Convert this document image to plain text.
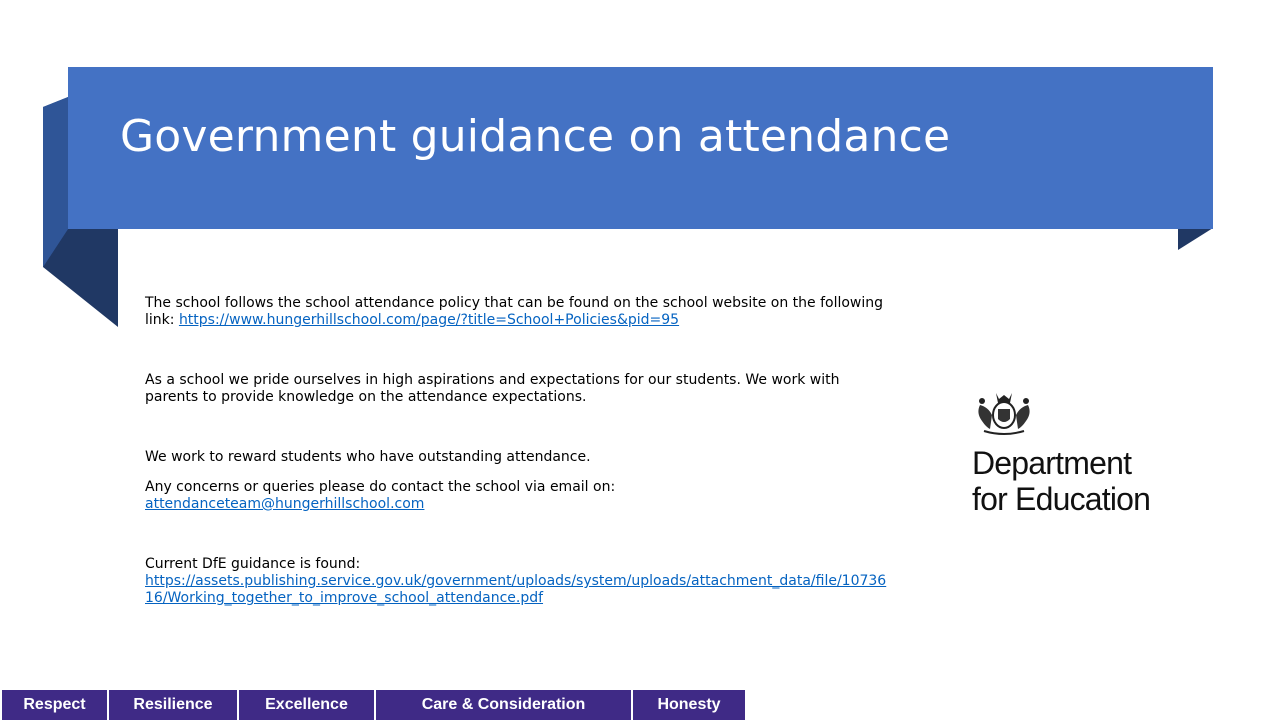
Government guidance on attendance

The school follows the school attendance policy that can be found on the school website on the following link: https://www.hungerhillschool.com/page/?title=School+Policies&pid=95

As a school we pride ourselves in high aspirations and expectations for our students. We work with parents to provide knowledge on the attendance expectations.

We work to reward students who have outstanding attendance.

Any concerns or queries please do contact the school via email on:
attendanceteam@hungerhillschool.com

Current DfE guidance is found:
https://assets.publishing.service.gov.uk/government/uploads/system/uploads/attachment_data/file/1073616/Working_together_to_improve_school_attendance.pdf

Department
for Education
Respect	Resilience	Excellence	Care & Consideration	Honesty
